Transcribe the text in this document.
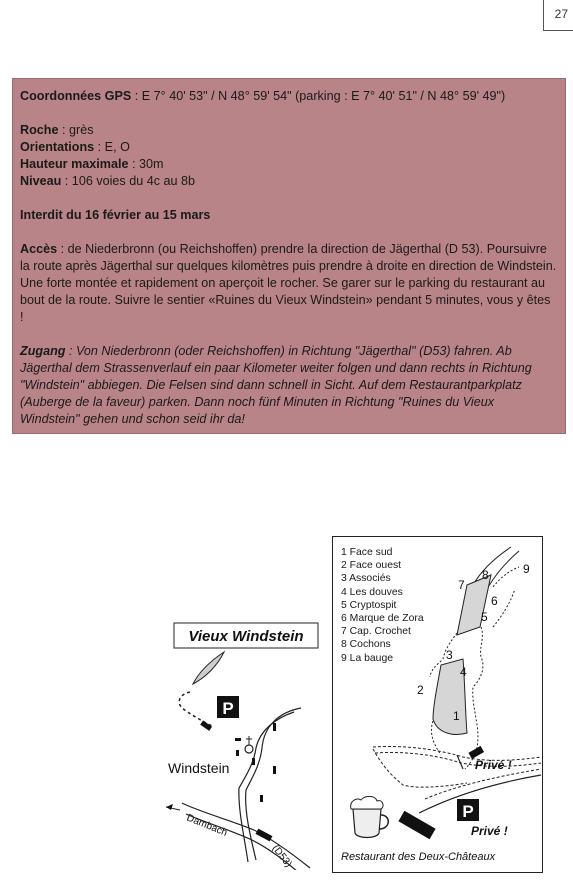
27

Coordonnées GPS : E 7° 40' 53" / N 48° 59' 54" (parking : E 7° 40' 51" / N 48° 59' 49")

Roche : grès

Orientations : E, O

Hauteur maximale : 30m

Niveau : 106 voies du 4c au 8b

Interdit du 16 février au 15 mars

Accès : de Niederbronn (ou Reichshoffen) prendre la direction de Jägerthal (D 53). Poursuivre la route après Jägerthal sur quelques kilomètres puis prendre à droite en direction de Windstein. Une forte montée et rapidement on aperçoit le rocher. Se garer sur le parking du restaurant au bout de la route. Suivre le sentier «Ruines du Vieux Windstein» pendant 5 minutes, vous y êtes !

Zugang : Von Niederbronn (oder Reichshoffen) in Richtung "Jägerthal" (D53) fahren. Ab Jägerthal dem Strassenverlauf ein paar Kilometer weiter folgen und dann rechts in Richtung "Windstein" abbiegen. Die Felsen sind dann schnell in Sicht. Auf dem Restaurantparkplatz (Auberge de la faveur) parken. Dann noch fünf Minuten in Richtung "Ruines du Vieux Windstein" gehen und schon seid ihr da!

Vieux Windstein
P
Windstein
Dambach
(D53)
1 Face sud
2 Face ouest
3 Associés
4 Les douves
5 Cryptospit
6 Marque de Zora
7 Cap. Crochet
8 Cochons
9 La bauge
Privé !
P
Privé !
Restaurant des Deux-Châteaux
1
2
3
4
5
6
7
8	9
